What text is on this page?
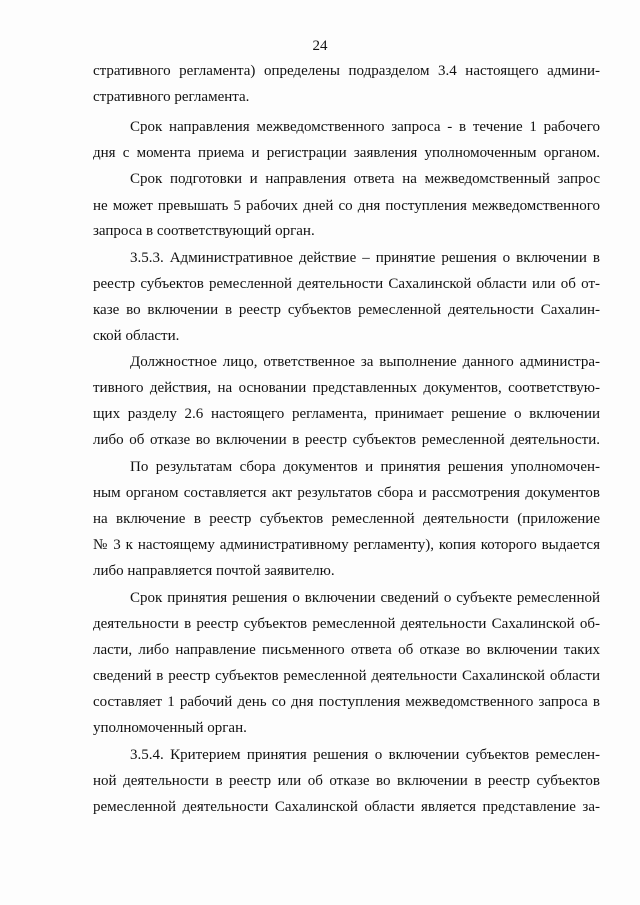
24
стративного регламента) определены подразделом 3.4 настоящего админи-
стративного регламента.
Срок направления межведомственного запроса - в течение 1 рабочего
дня с момента приема и регистрации заявления уполномоченным органом.
Срок подготовки и направления ответа на межведомственный запрос
не может превышать 5 рабочих дней со дня поступления межведомственного
запроса в соответствующий орган.
3.5.3. Административное действие – принятие решения о включении в
реестр субъектов ремесленной деятельности Сахалинской области или об от-
казе во включении в реестр субъектов ремесленной деятельности Сахалин-
ской области.
Должностное лицо, ответственное за выполнение данного администра-
тивного действия, на основании представленных документов, соответствую-
щих разделу 2.6 настоящего регламента, принимает решение о включении
либо об отказе во включении в реестр субъектов ремесленной деятельности.
По результатам сбора документов и принятия решения уполномочен-
ным органом составляется акт результатов сбора и рассмотрения документов
на включение в реестр субъектов ремесленной деятельности (приложение
№ 3 к настоящему административному регламенту), копия которого выдается
либо направляется почтой заявителю.
Срок принятия решения о включении сведений о субъекте ремесленной
деятельности в реестр субъектов ремесленной деятельности Сахалинской об-
ласти, либо направление письменного ответа об отказе во включении таких
сведений в реестр субъектов ремесленной деятельности Сахалинской области
составляет 1 рабочий день со дня поступления межведомственного запроса в
уполномоченный орган.
3.5.4. Критерием принятия решения о включении субъектов ремеслен-
ной деятельности в реестр или об отказе во включении в реестр субъектов
ремесленной деятельности Сахалинской области является представление за-
